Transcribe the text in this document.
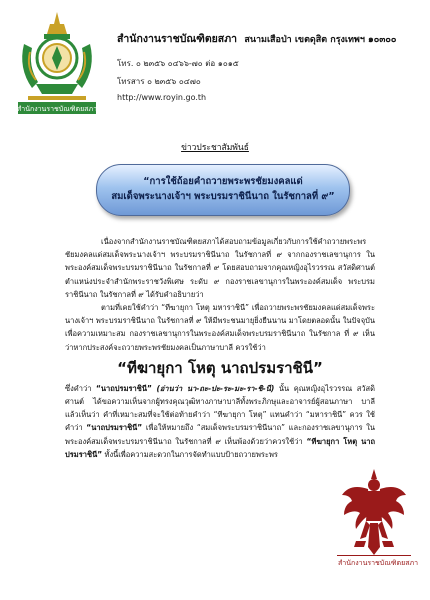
สำนักงานราชบัณฑิตยสภา
สำนักงานราชบัณฑิตยสภา สนามเสือป่า เขตดุสิต กรุงเทพฯ ๑๐๓๐๐
โทร. ๐ ๒๓๕๖ ๐๔๖๖-๗๐ ต่อ ๑๐๑๕
โทรสาร ๐ ๒๓๕๖ ๐๔๗๐
http://www.royin.go.th
ข่าวประชาสัมพันธ์
“การใช้ถ้อยคำถวายพระพรชัยมงคลแด่
สมเด็จพระนางเจ้าฯ พระบรมราชินีนาถ ในรัชกาลที่ ๙”

เนื่องจากสำนักงานราชบัณฑิตยสภาได้สอบถามข้อมูลเกี่ยวกับการใช้คำถวายพระพร ชัยมงคลแด่สมเด็จพระนางเจ้าฯ พระบรมราชินีนาถ ในรัชกาลที่ ๙ จากกองราชเลขานุการ ในพระองค์สมเด็จพระบรมราชินีนาถ ในรัชกาลที่ ๙ โดยสอบถามจากคุณหญิงอุไรวรรณ สวัสดิศานต์ ตำแหน่งประจำสำนักพระราชวังพิเศษ ระดับ ๙ กองราชเลขานุการในพระองค์สมเด็จ พระบรมราชินีนาถ ในรัชกาลที่ ๙ ได้รับคำอธิบายว่า

ตามที่เคยใช้คำว่า “ทีฆายุกา โหตุ มหาราชินี” เพื่อถวายพระพรชัยมงคลแด่สมเด็จพระ นางเจ้าฯ พระบรมราชินีนาถ ในรัชกาลที่ ๙ ให้มีพระชนมายุยิ่งยืนนาน มาโดยตลอดนั้น ในปัจจุบันเพื่อความเหมาะสม กองราชเลขานุการในพระองค์สมเด็จพระบรมราชินีนาถ ในรัชกาล ที่ ๙ เห็นว่าหากประสงค์จะถวายพระพรชัยมงคลเป็นภาษาบาลี ควรใช้ว่า

“ทีฆายุกา โหตุ นาถปรมราชินี”

ซึ่งคำว่า “นาถปรมราชินี” (อ่านว่า นา-ถะ-ปะ-ระ-มะ-รา-ชิ-นี) นั้น คุณหญิงอุไรวรรณ สวัสดิศานต์ ได้ขอความเห็นจากผู้ทรงคุณวุฒิทางภาษาบาลีทั้งพระภิกษุและอาจารย์ผู้สอนภาษา บาลีแล้วเห็นว่า คำที่เหมาะสมที่จะใช้ต่อท้ายคำว่า “ทีฆายุกา โหตุ” แทนคำว่า “มหาราชินี” ควร ใช้คำว่า “นาถปรมราชินี” เพื่อให้หมายถึง “สมเด็จพระบรมราชินีนาถ” และกองราชเลขานุการ ในพระองค์สมเด็จพระบรมราชินีนาถ ในรัชกาลที่ ๙ เห็นพ้องด้วยว่าควรใช้ว่า “ทีฆายุกา โหตุ นาถปรมราชินี” ทั้งนี้เพื่อความสะดวกในการจัดทำแบบป้ายถวายพระพร

สำนักงานราชบัณฑิตยสภา
